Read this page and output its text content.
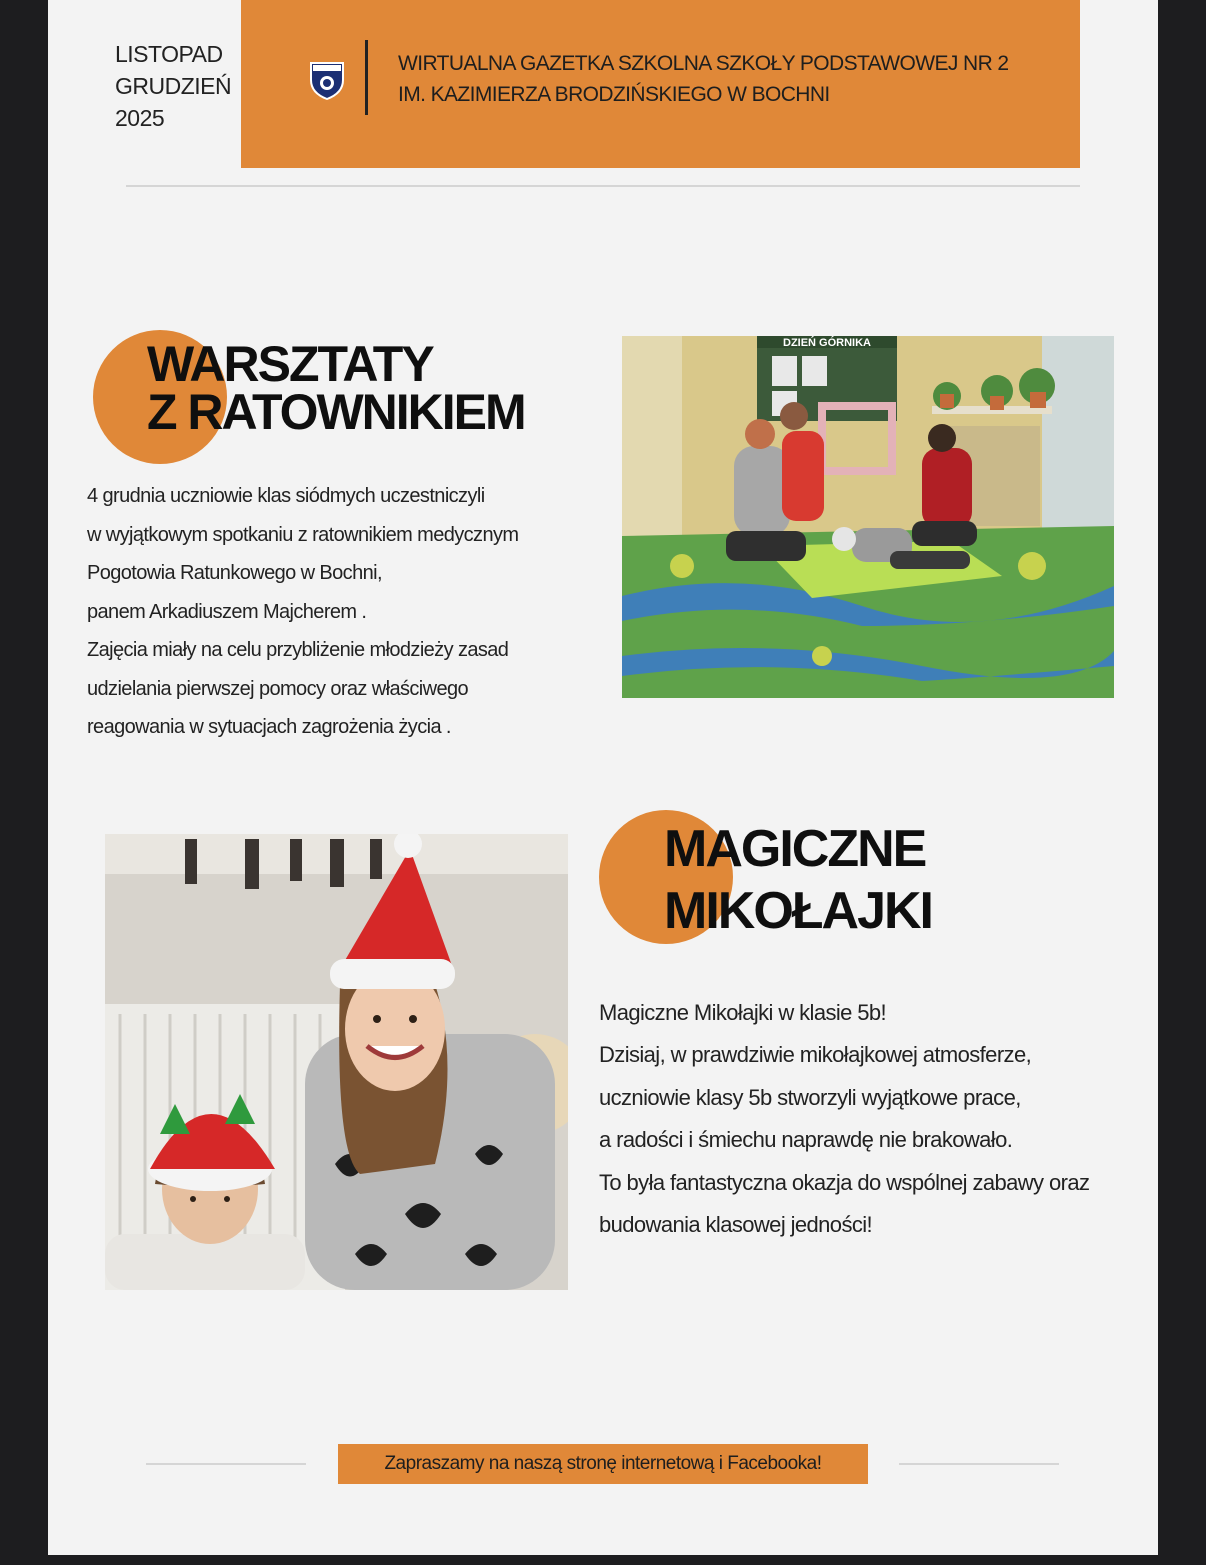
LISTOPAD
GRUDZIEŃ
2025
WIRTUALNA GAZETKA SZKOLNA SZKOŁY PODSTAWOWEJ NR 2
IM. KAZIMIERZA BRODZIŃSKIEGO W BOCHNI
WARSZTATY
Z RATOWNIKIEM
4 grudnia uczniowie klas siódmych uczestniczyli
w wyjątkowym spotkaniu z ratownikiem medycznym
Pogotowia Ratunkowego w Bochni,
panem Arkadiuszem Majcherem .
Zajęcia miały na celu przybliżenie młodzieży zasad
udzielania pierwszej pomocy oraz właściwego
reagowania w sytuacjach zagrożenia życia .
DZIEŃ GÓRNIKA
MAGICZNE
MIKOŁAJKI
Magiczne Mikołajki w klasie 5b!
Dzisiaj, w prawdziwie mikołajkowej atmosferze,
uczniowie klasy 5b stworzyli wyjątkowe prace,
a radości i śmiechu naprawdę nie brakowało.
To była fantastyczna okazja do wspólnej zabawy oraz
budowania klasowej jedności!
Zapraszamy na naszą stronę internetową i Facebooka!
